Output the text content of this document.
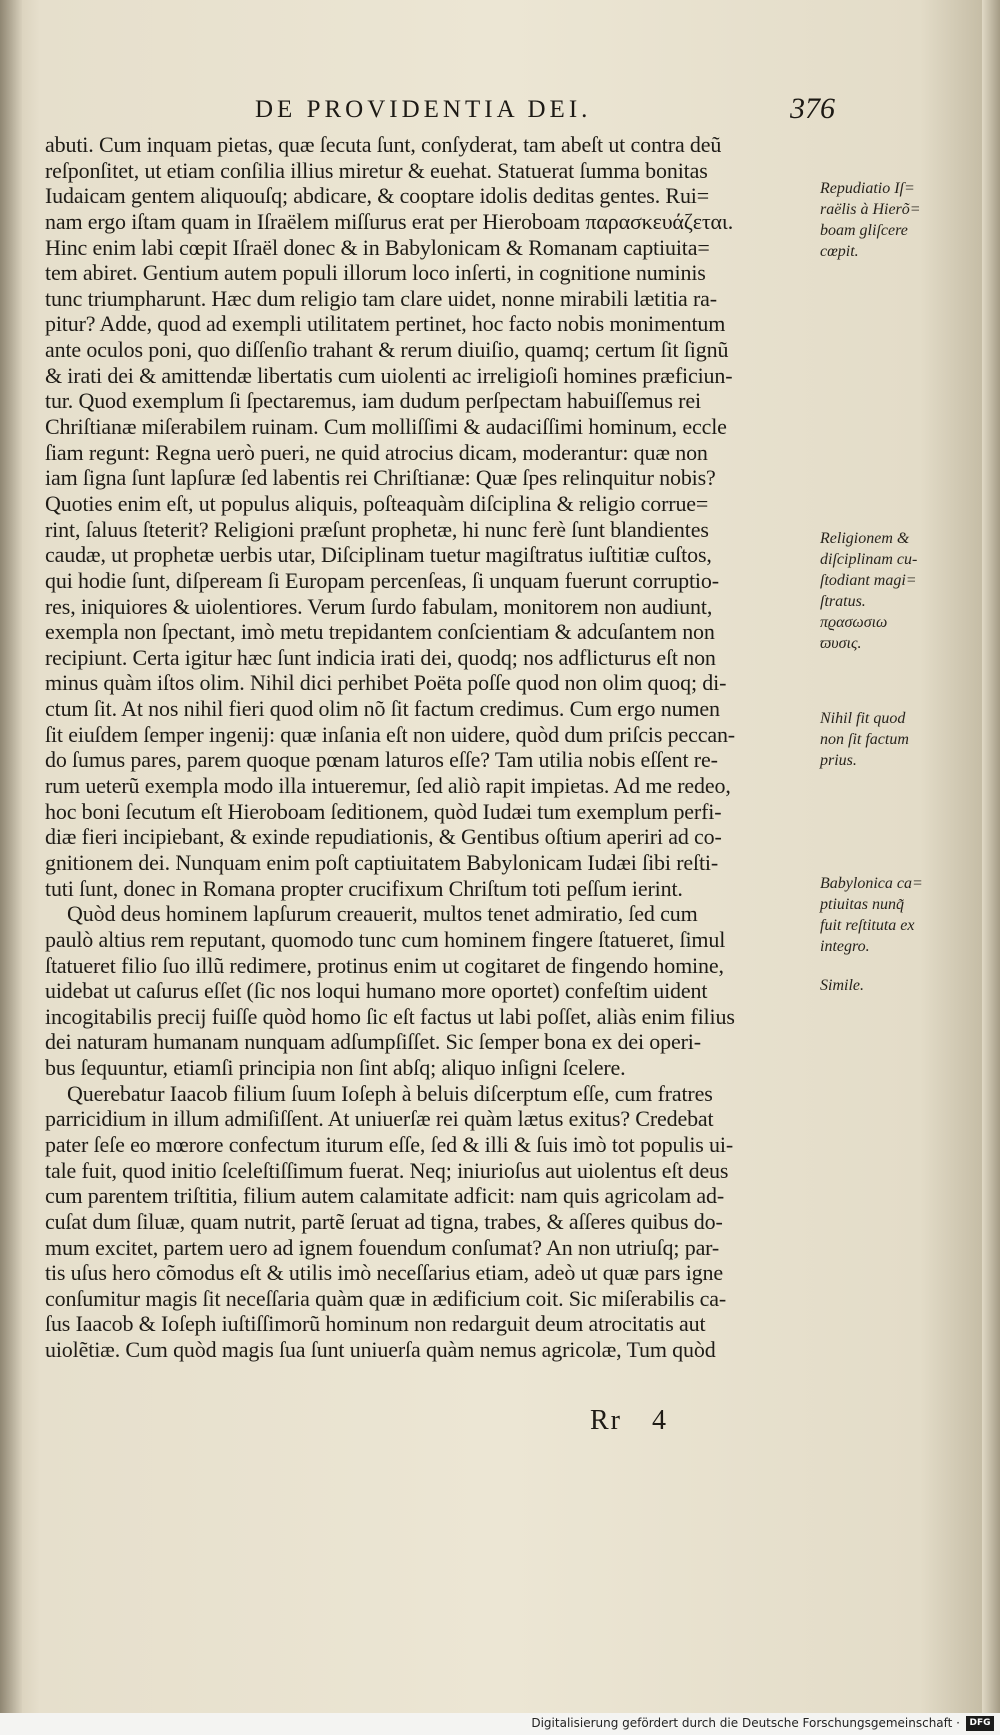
DE PROVIDENTIA DEI.	376
abuti. Cum inquam pietas, quæ ſecuta ſunt, conſyderat, tam abeſt ut contra deũ
reſponſitet, ut etiam conſilia illius miretur & euehat. Statuerat ſumma bonitas
Iudaicam gentem aliquouſq; abdicare, & cooptare idolis deditas gentes. Rui=
nam ergo iſtam quam in Iſraëlem miſſurus erat per Hieroboam παρασκευάζεται.
Hinc enim labi cœpit Iſraël donec & in Babylonicam & Romanam captiuita=
tem abiret. Gentium autem populi illorum loco inſerti, in cognitione numinis
tunc triumpharunt. Hæc dum religio tam clare uidet, nonne mirabili lætitia ra-
pitur? Adde, quod ad exempli utilitatem pertinet, hoc facto nobis monimentum
ante oculos poni, quo diſſenſio trahant & rerum diuiſio, quamq; certum ſit ſignũ
& irati dei & amittendæ libertatis cum uiolenti ac irreligioſi homines præficiun-
tur. Quod exemplum ſi ſpectaremus, iam dudum perſpectam habuiſſemus rei
Chriſtianæ miſerabilem ruinam. Cum molliſſimi & audaciſſimi hominum, eccle
ſiam regunt: Regna uerò pueri, ne quid atrocius dicam, moderantur: quæ non
iam ſigna ſunt lapſuræ ſed labentis rei Chriſtianæ: Quæ ſpes relinquitur nobis?
Quoties enim eſt, ut populus aliquis, poſteaquàm diſciplina & religio corrue=
rint, ſaluus ſteterit? Religioni præſunt prophetæ, hi nunc ferè ſunt blandientes
caudæ, ut prophetæ uerbis utar, Diſciplinam tuetur magiſtratus iuſtitiæ cuſtos,
qui hodie ſunt, diſperеam ſi Europam percenſeas, ſi unquam fuerunt corruptio-
res, iniquiores & uiolentiores. Verum ſurdo fabulam, monitorem non audiunt,
exempla non ſpectant, imò metu trepidantem conſcientiam & adcuſantem non
recipiunt. Certa igitur hæc ſunt indicia irati dei, quodq; nos adflicturus eſt non
minus quàm iſtos olim. Nihil dici perhibet Poëta poſſe quod non olim quoq; di-
ctum ſit. At nos nihil fieri quod olim nõ ſit factum credimus. Cum ergo numen
ſit eiuſdem ſemper ingenij: quæ inſania eſt non uidere, quòd dum priſcis peccan-
do ſumus pares, parem quoque pœnam laturos eſſe? Tam utilia nobis eſſent re-
rum ueterũ exempla modo illa intueremur, ſed aliò rapit impietas. Ad me redeo,
hoc boni ſecutum eſt Hieroboam ſeditionem, quòd Iudæi tum exemplum perfi-
diæ fieri incipiebant, & exinde repudiationis, & Gentibus oſtium aperiri ad co-
gnitionem dei. Nunquam enim poſt captiuitatem Babylonicam Iudæi ſibi reſti-
tuti ſunt, donec in Romana propter crucifixum Chriſtum toti peſſum ierint.
Quòd deus hominem lapſurum creauerit, multos tenet admiratio, ſed cum
paulò altius rem reputant, quomodo tunc cum hominem fingere ſtatueret, ſimul
ſtatueret filio ſuo illũ redimere, protinus enim ut cogitaret de fingendo homine,
uidebat ut caſurus eſſet (ſic nos loqui humano more oportet) confeſtim uident
incogitabilis precij fuiſſe quòd homo ſic eſt factus ut labi poſſet, aliàs enim filius
dei naturam humanam nunquam adſumpſiſſet. Sic ſemper bona ex dei operi-
bus ſequuntur, etiamſi principia non ſint abſq; aliquo inſigni ſcelere.
Querebatur Iaacob filium ſuum Ioſeph à beluis diſcerptum eſſe, cum fratres
parricidium in illum admiſiſſent. At uniuerſæ rei quàm lætus exitus? Credebat
pater ſeſe eo mœrore confectum iturum eſſe, ſed & illi & ſuis imò tot populis ui-
tale fuit, quod initio ſceleſtiſſimum fuerat. Neq; iniurioſus aut uiolentus eſt deus
cum parentem triſtitia, filium autem calamitate adficit: nam quis agricolam ad-
cuſat dum ſiluæ, quam nutrit, partẽ ſeruat ad tigna, trabes, & aſſeres quibus do-
mum excitet, partem uero ad ignem fouendum conſumat? An non utriuſq; par-
tis uſus hero cõmodus eſt & utilis imò neceſſarius etiam, adeò ut quæ pars igne
conſumitur magis ſit neceſſaria quàm quæ in ædificium coit. Sic miſerabilis ca-
ſus Iaacob & Ioſeph iuſtiſſimorũ hominum non redarguit deum atrocitatis aut
uiolẽtiæ. Cum quòd magis ſua ſunt uniuerſa quàm nemus agricolæ, Tum quòd
Repudiatio Iſ=
raëlis à Hierõ=
boam gliſcere
cœpit.
Religionem &
diſciplinam cu-
ſtodiant magi=
ſtratus.
πϱασωσιω
ϖυσις.
Nihil fit quod
non ſit factum
prius.
Babylonica ca=
ptiuitas nunq̃
fuit reſtituta ex
integro.
Simile.
Rr 4
Digitalisierung gefördert durch die Deutsche Forschungsgemeinschaft ·	DFG
